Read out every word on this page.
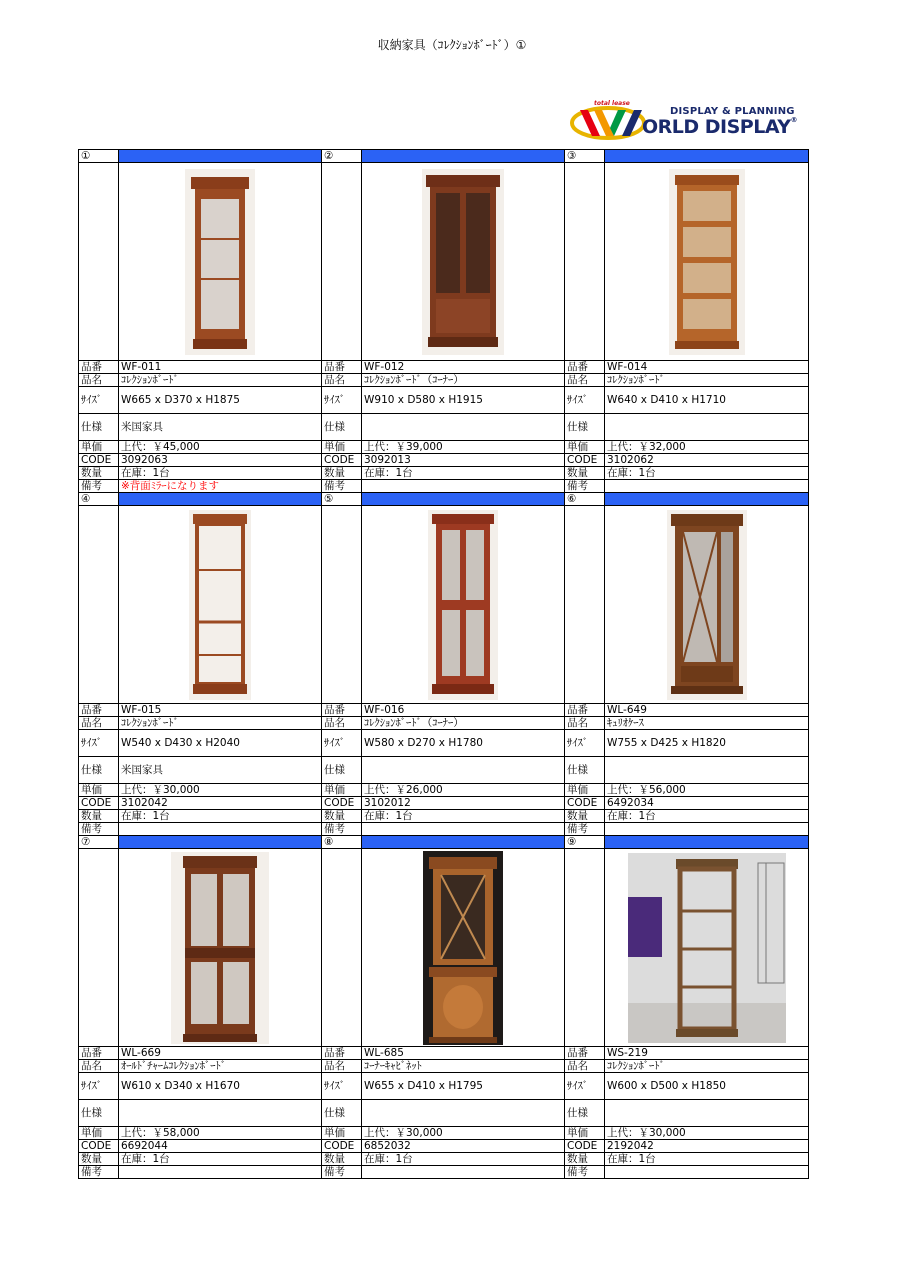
収納家具（ｺﾚｸｼｮﾝﾎﾞｰﾄﾞ）①
total lease
DISPLAY & PLANNING
ORLD DISPLAY®
①		②		③	

品番	WF-011	品番	WF-012	品番	WF-014
品名	ｺﾚｸｼｮﾝﾎﾞｰﾄﾞ	品名	ｺﾚｸｼｮﾝﾎﾞｰﾄﾞ（ｺｰﾅｰ）	品名	ｺﾚｸｼｮﾝﾎﾞｰﾄﾞ
ｻｲｽﾞ	W665 x D370 x H1875	ｻｲｽﾞ	W910 x D580 x H1915	ｻｲｽﾞ	W640 x D410 x H1710
仕様	米国家具	仕様		仕様	
単価	上代：￥45,000	単価	上代：￥39,000	単価	上代：￥32,000
CODE	3092063	CODE	3092013	CODE	3102062
数量	在庫：1台	数量	在庫：1台	数量	在庫：1台
備考	※背面ﾐﾗｰになります	備考		備考	
④		⑤		⑥	

品番	WF-015	品番	WF-016	品番	WL-649
品名	ｺﾚｸｼｮﾝﾎﾞｰﾄﾞ	品名	ｺﾚｸｼｮﾝﾎﾞｰﾄﾞ（ｺｰﾅｰ）	品名	ｷｭﾘｵｹｰｽ
ｻｲｽﾞ	W540 x D430 x H2040	ｻｲｽﾞ	W580 x D270 x H1780	ｻｲｽﾞ	W755 x D425 x H1820
仕様	米国家具	仕様		仕様	
単価	上代：￥30,000	単価	上代：￥26,000	単価	上代：￥56,000
CODE	3102042	CODE	3102012	CODE	6492034
数量	在庫：1台	数量	在庫：1台	数量	在庫：1台
備考		備考		備考	
⑦		⑧		⑨	

品番	WL-669	品番	WL-685	品番	WS-219
品名	ｵｰﾙﾄﾞﾁｬｰﾑｺﾚｸｼｮﾝﾎﾞｰﾄﾞ	品名	ｺｰﾅｰｷｬﾋﾞﾈｯﾄ	品名	ｺﾚｸｼｮﾝﾎﾞｰﾄﾞ
ｻｲｽﾞ	W610 x D340 x H1670	ｻｲｽﾞ	W655 x D410 x H1795	ｻｲｽﾞ	W600 x D500 x H1850
仕様		仕様		仕様	
単価	上代：￥58,000	単価	上代：￥30,000	単価	上代：￥30,000
CODE	6692044	CODE	6852032	CODE	2192042
数量	在庫：1台	数量	在庫：1台	数量	在庫：1台
備考		備考		備考	
